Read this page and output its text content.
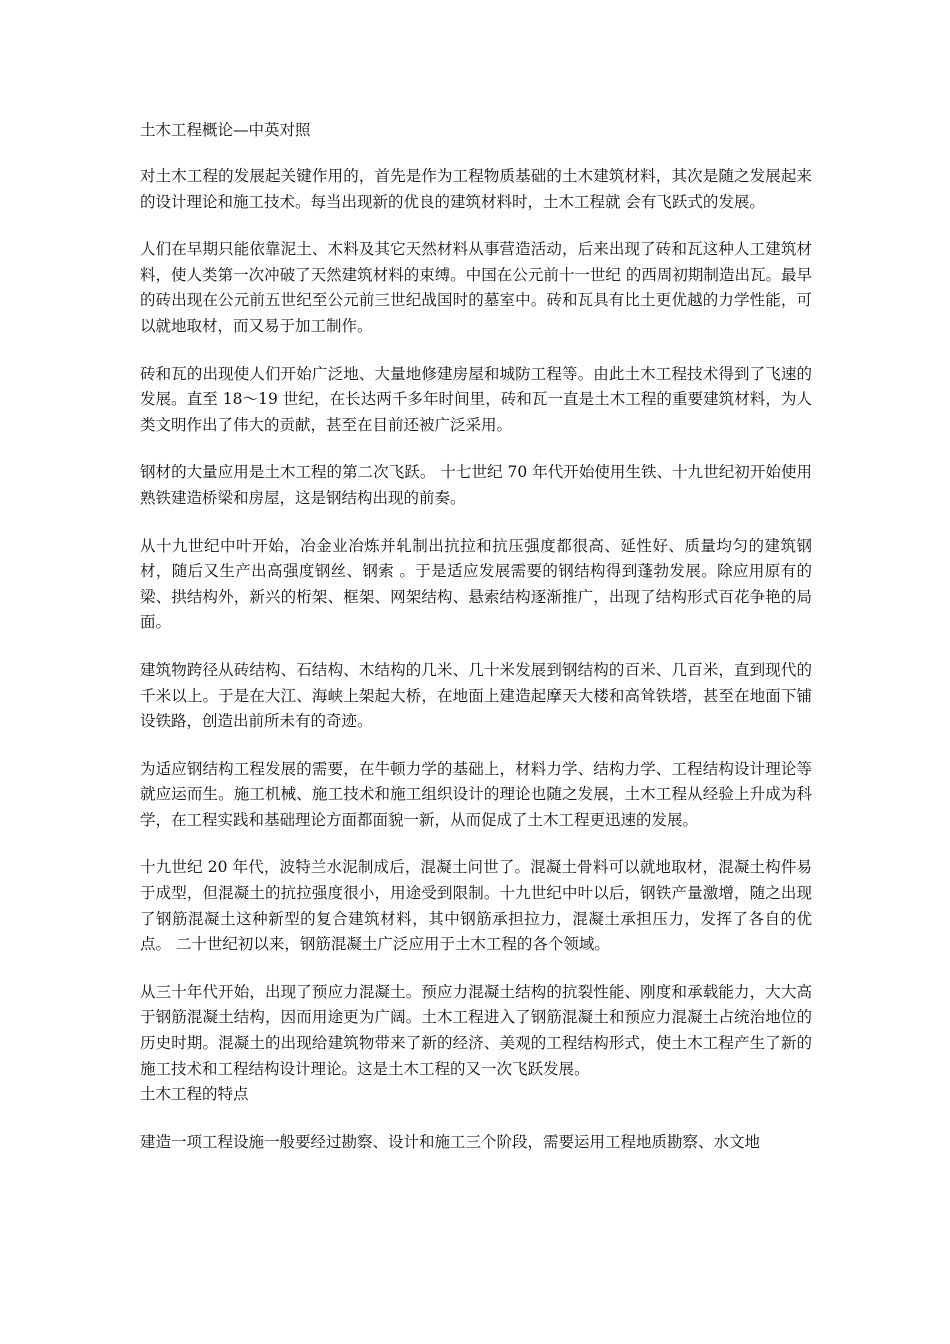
土木工程概论—中英对照

对土木工程的发展起关键作用的，首先是作为工程物质基础的土木建筑材料，其次是随之发展起来的设计理论和施工技术。每当出现新的优良的建筑材料时，土木工程就 会有飞跃式的发展。

人们在早期只能依靠泥土、木料及其它天然材料从事营造活动，后来出现了砖和瓦这种人工建筑材料，使人类第一次冲破了天然建筑材料的束缚。中国在公元前十一世纪 的西周初期制造出瓦。最早的砖出现在公元前五世纪至公元前三世纪战国时的墓室中。砖和瓦具有比土更优越的力学性能，可以就地取材，而又易于加工制作。

砖和瓦的出现使人们开始广泛地、大量地修建房屋和城防工程等。由此土木工程技术得到了飞速的发展。直至 18～19 世纪，在长达两千多年时间里，砖和瓦一直是土木工程的重要建筑材料，为人类文明作出了伟大的贡献，甚至在目前还被广泛采用。

钢材的大量应用是土木工程的第二次飞跃。 十七世纪 70 年代开始使用生铁、十九世纪初开始使用熟铁建造桥梁和房屋，这是钢结构出现的前奏。

从十九世纪中叶开始，冶金业冶炼并轧制出抗拉和抗压强度都很高、延性好、质量均匀的建筑钢材，随后又生产出高强度钢丝、钢索 。于是适应发展需要的钢结构得到蓬勃发展。除应用原有的梁、拱结构外，新兴的桁架、框架、网架结构、悬索结构逐渐推广，出现了结构形式百花争艳的局面。

建筑物跨径从砖结构、石结构、木结构的几米、几十米发展到钢结构的百米、几百米，直到现代的千米以上。于是在大江、海峡上架起大桥，在地面上建造起摩天大楼和高耸铁塔，甚至在地面下铺设铁路，创造出前所未有的奇迹。

为适应钢结构工程发展的需要，在牛顿力学的基础上，材料力学、结构力学、工程结构设计理论等就应运而生。施工机械、施工技术和施工组织设计的理论也随之发展，土木工程从经验上升成为科学，在工程实践和基础理论方面都面貌一新，从而促成了土木工程更迅速的发展。

十九世纪 20 年代，波特兰水泥制成后，混凝土问世了。混凝土骨料可以就地取材，混凝土构件易于成型，但混凝土的抗拉强度很小，用途受到限制。十九世纪中叶以后，钢铁产量激增，随之出现了钢筋混凝土这种新型的复合建筑材料，其中钢筋承担拉力，混凝土承担压力，发挥了各自的优点。 二十世纪初以来，钢筋混凝土广泛应用于土木工程的各个领域。

从三十年代开始，出现了预应力混凝土。预应力混凝土结构的抗裂性能、刚度和承载能力，大大高于钢筋混凝土结构，因而用途更为广阔。土木工程进入了钢筋混凝土和预应力混凝土占统治地位的历史时期。混凝土的出现给建筑物带来了新的经济、美观的工程结构形式，使土木工程产生了新的施工技术和工程结构设计理论。这是土木工程的又一次飞跃发展。

土木工程的特点

建造一项工程设施一般要经过勘察、设计和施工三个阶段，需要运用工程地质勘察、水文地
